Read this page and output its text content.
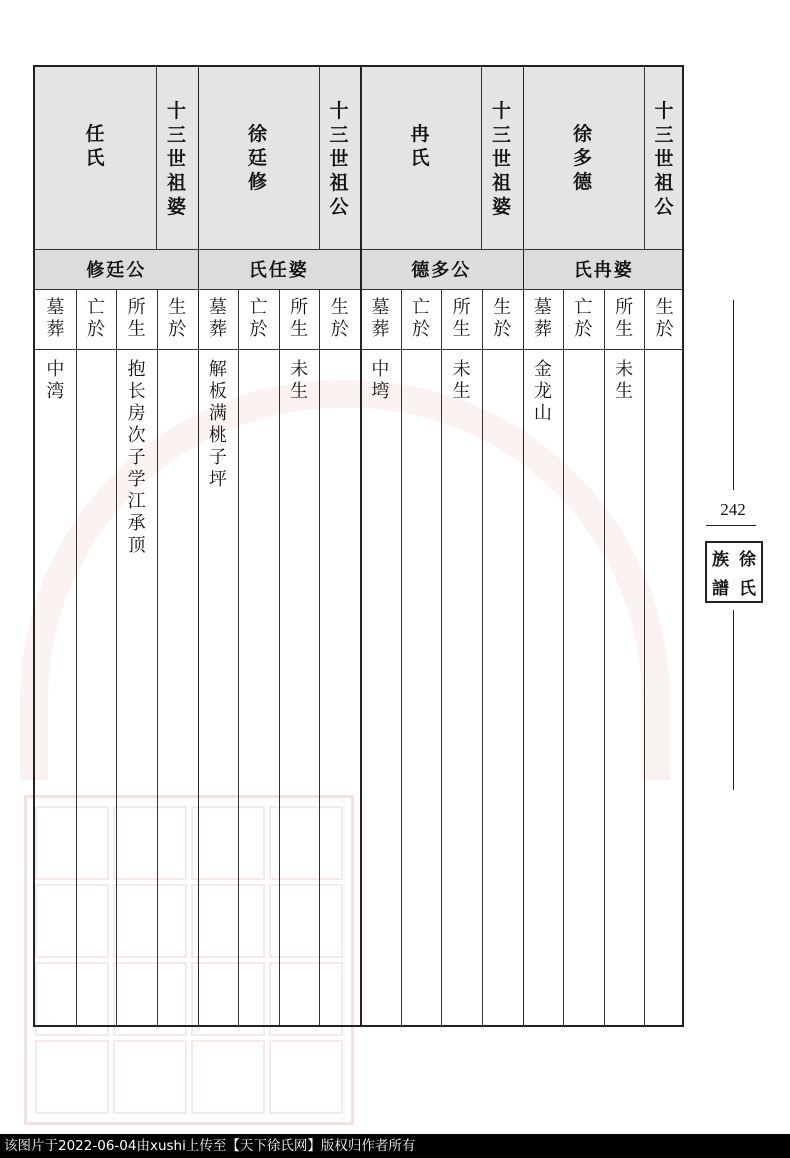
任
氏
十
三
世
祖
婆
修廷公
生
於
所
生
抱
长
房
次
子
学
江
承
顶
亡
於
墓
葬
中
湾
徐
廷
修
十
三
世
祖
公
氏任婆
生
於
所
生
未
生
亡
於
墓
葬
解
板
满
桃
子
坪
冉
氏
十
三
世
祖
婆
德多公
生
於
所
生
未
生
亡
於
墓
葬
中
塆
徐
多
德
十
三
世
祖
公
氏冉婆
生
於
所
生
未
生
亡
於
墓
葬
金
龙
山
242
族 徐
譜 氏
该图片于2022-06-04由xushi上传至【天下徐氏网】版权归作者所有
